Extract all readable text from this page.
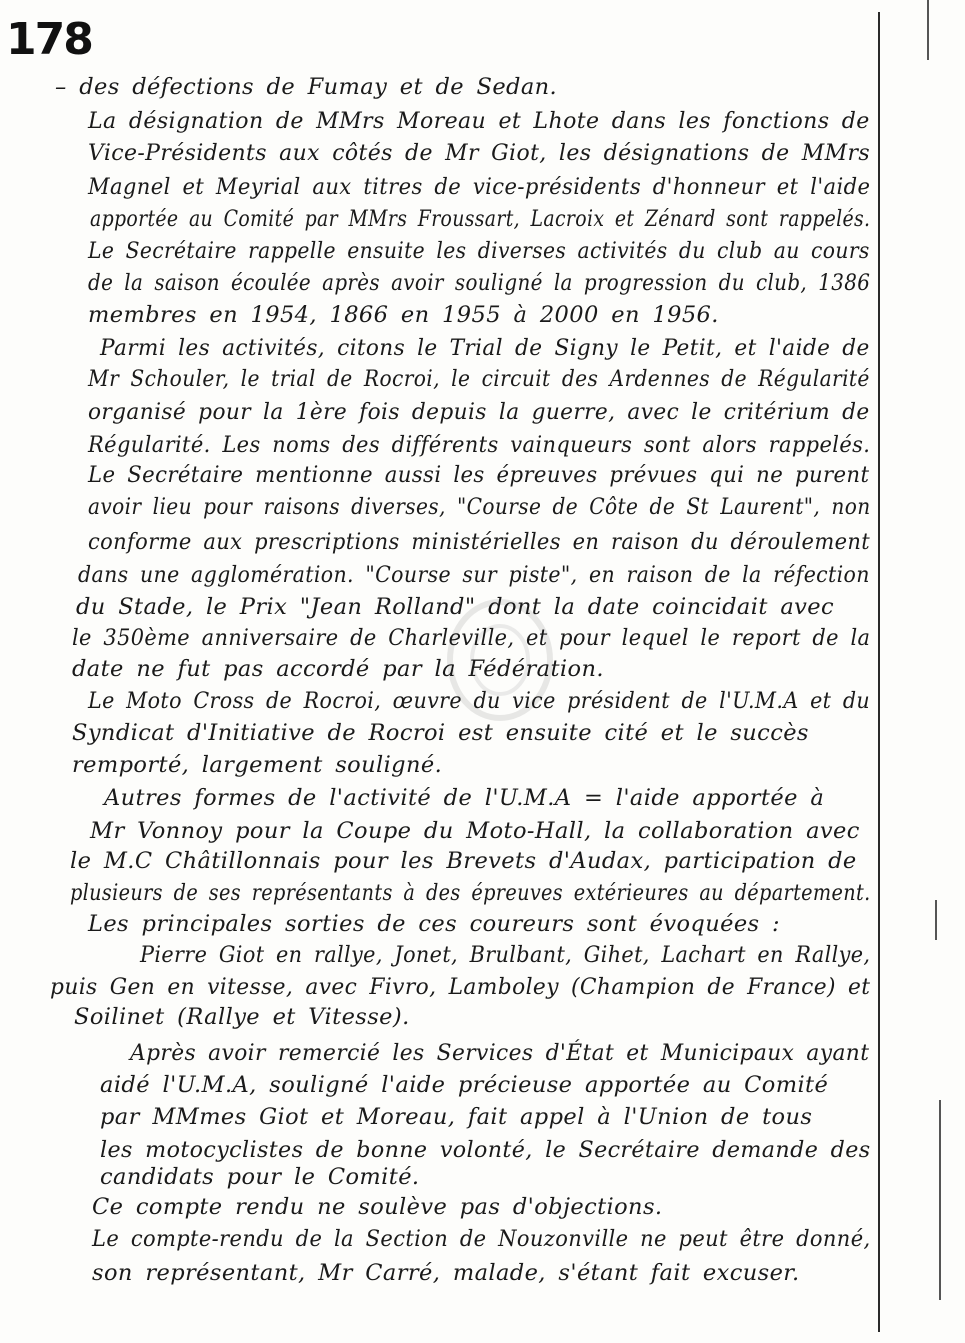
178
– des défections de Fumay et de Sedan.
La désignation de MMrs Moreau et Lhote dans les fonctions de
Vice-Présidents aux côtés de Mr Giot, les désignations de MMrs
Magnel et Meyrial aux titres de vice-présidents d'honneur et l'aide
apportée au Comité par MMrs Froussart, Lacroix et Zénard sont rappelés.
Le Secrétaire rappelle ensuite les diverses activités du club au cours
de la saison écoulée après avoir souligné la progression du club, 1386
membres en 1954, 1866 en 1955 à 2000 en 1956.
Parmi les activités, citons le Trial de Signy le Petit, et l'aide de
Mr Schouler, le trial de Rocroi, le circuit des Ardennes de Régularité
organisé pour la 1ère fois depuis la guerre, avec le critérium de
Régularité. Les noms des différents vainqueurs sont alors rappelés.
Le Secrétaire mentionne aussi les épreuves prévues qui ne purent
avoir lieu pour raisons diverses, "Course de Côte de St Laurent", non
conforme aux prescriptions ministérielles en raison du déroulement
dans une agglomération. "Course sur piste", en raison de la réfection
du Stade, le Prix "Jean Rolland" dont la date coincidait avec
le 350ème anniversaire de Charleville, et pour lequel le report de la
date ne fut pas accordé par la Fédération.
Le Moto Cross de Rocroi, œuvre du vice président de l'U.M.A et du
Syndicat d'Initiative de Rocroi est ensuite cité et le succès
remporté, largement souligné.
Autres formes de l'activité de l'U.M.A = l'aide apportée à
Mr Vonnoy pour la Coupe du Moto-Hall, la collaboration avec
le M.C Châtillonnais pour les Brevets d'Audax, participation de
plusieurs de ses représentants à des épreuves extérieures au département.
Les principales sorties de ces coureurs sont évoquées :
Pierre Giot en rallye, Jonet, Brulbant, Gihet, Lachart en Rallye,
puis Gen en vitesse, avec Fivro, Lamboley (Champion de France) et
Soilinet (Rallye et Vitesse).
Après avoir remercié les Services d'État et Municipaux ayant
aidé l'U.M.A, souligné l'aide précieuse apportée au Comité
par MMmes Giot et Moreau, fait appel à l'Union de tous
les motocyclistes de bonne volonté, le Secrétaire demande des
candidats pour le Comité.
Ce compte rendu ne soulève pas d'objections.
Le compte-rendu de la Section de Nouzonville ne peut être donné,
son représentant, Mr Carré, malade, s'étant fait excuser.
